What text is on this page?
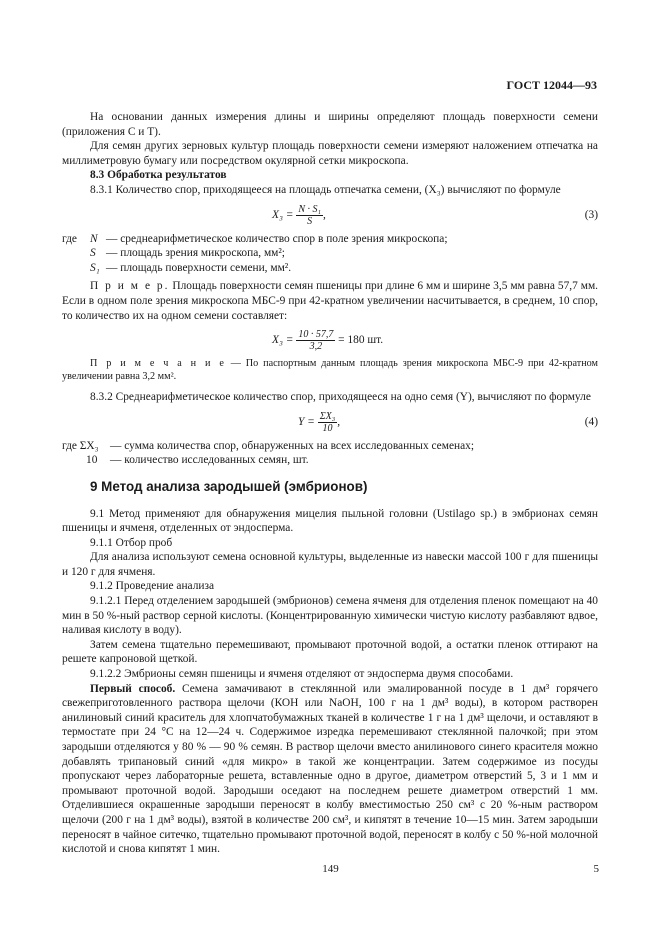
ГОСТ 12044—93

На основании данных измерения длины и ширины определяют площадь поверхности семени (приложения С и Т).

Для семян других зерновых культур площадь поверхности семени измеряют наложением отпечатка на миллиметровую бумагу или посредством окулярной сетки микроскопа.

8.3 Обработка результатов

8.3.1 Количество спор, приходящееся на площадь отпечатка семени, (X₃) вычисляют по формуле

$X_3 = \frac{\text{N · S₁}}{S}$ ,	(3)
где	N — среднеарифметическое количество спор в поле зрения микроскопа;
S — площадь зрения микроскопа, мм²;
S₁ — площадь поверхности семени, мм².

П р и м е р. Площадь поверхности семян пшеницы при длине 6 мм и ширине 3,5 мм равна 57,7 мм. Если в одном поле зрения микроскопа МБС-9 при 42-кратном увеличении насчитывается, в среднем, 10 спор, то количество их на одном семени составляет:

$X_3 = \frac{10 \cdot 57,7}{3,2} = 180$ шт.

П р и м е ч а н и е — По паспортным данным площадь зрения микроскопа МБС-9 при 42-кратном увеличении равна 3,2 мм².

8.3.2 Среднеарифметическое количество спор, приходящееся на одно семя (Y), вычисляют по формуле

$Y = \frac{\text{ΣX₃}}{10}$ ,	(4)
где ΣX₃ — сумма количества спор, обнаруженных на всех исследованных семенах;
10	— количество исследованных семян, шт.
9 Метод анализа зародышей (эмбрионов)

9.1 Метод применяют для обнаружения мицелия пыльной головни (Ustilago sp.) в эмбрионах семян пшеницы и ячменя, отделенных от эндосперма.

9.1.1 Отбор проб

Для анализа используют семена основной культуры, выделенные из навески массой 100 г для пшеницы и 120 г для ячменя.

9.1.2 Проведение анализа

9.1.2.1 Перед отделением зародышей (эмбрионов) семена ячменя для отделения пленок помещают на 40 мин в 50 %-ный раствор серной кислоты. (Концентрированную химически чистую кислоту разбавляют вдвое, наливая кислоту в воду).

Затем семена тщательно перемешивают, промывают проточной водой, а остатки пленок оттирают на решете капроновой щеткой.

9.1.2.2 Эмбрионы семян пшеницы и ячменя отделяют от эндосперма двумя способами.

Первый способ. Семена замачивают в стеклянной или эмалированной посуде в 1 дм³ горячего свежеприготовленного раствора щелочи (КОН или NaOH, 100 г на 1 дм³ воды), в котором растворен анилиновый синий краситель для хлопчатобумажных тканей в количестве 1 г на 1 дм³ щелочи, и оставляют в термостате при 24 °С на 12—24 ч. Содержимое изредка перемешивают стеклянной палочкой; при этом зародыши отделяются у 80 % — 90 % семян. В раствор щелочи вместо анилинового синего красителя можно добавлять трипановый синий «для микро» в такой же концентрации. Затем содержимое из посуды пропускают через лабораторные решета, вставленные одно в другое, диаметром отверстий 5, 3 и 1 мм и промывают проточной водой. Зародыши оседают на последнем решете диаметром отверстий 1 мм. Отделившиеся окрашенные зародыши переносят в колбу вместимостью 250 см³ с 20 %-ным раствором щелочи (200 г на 1 дм³ воды), взятой в количестве 200 см³, и кипятят в течение 10—15 мин. Затем зародыши переносят в чайное ситечко, тщательно промывают проточной водой, переносят в колбу с 50 %-ной молочной кислотой и снова кипятят 1 мин.

149	5
